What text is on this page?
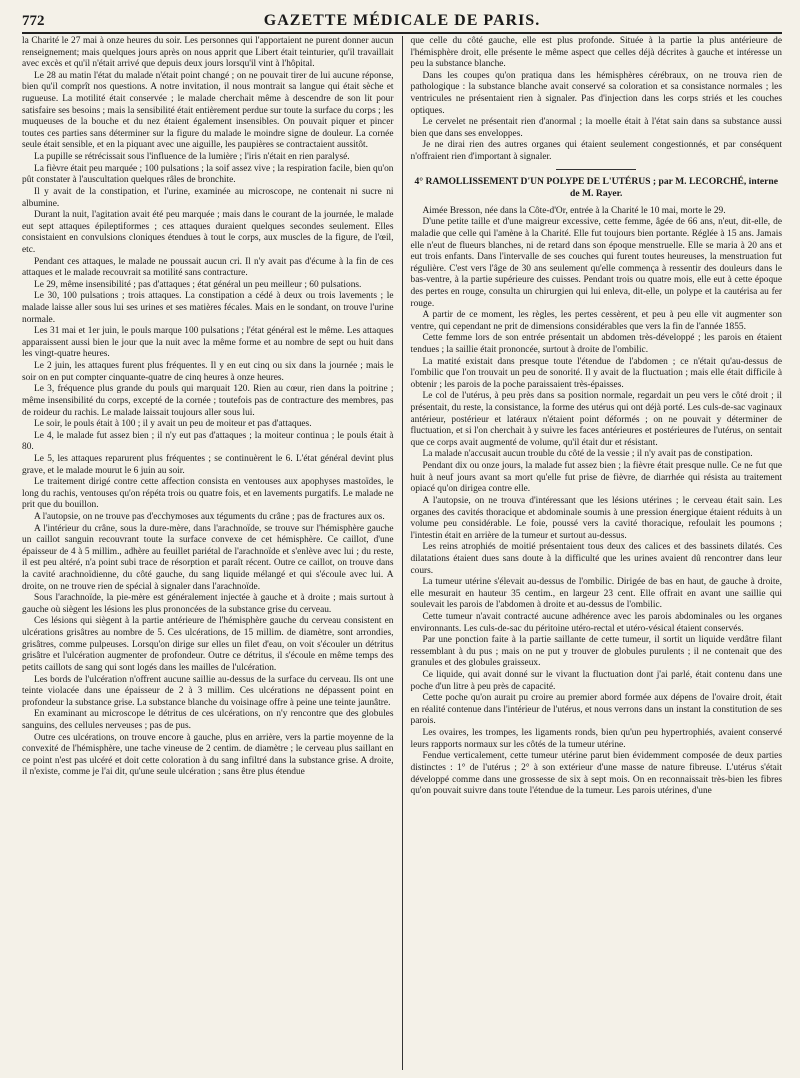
772	GAZETTE MÉDICALE DE PARIS.

la Charité le 27 mai à onze heures du soir. Les personnes qui l'apportaient ne purent donner aucun renseignement; mais quelques jours après on nous apprit que Libert était teinturier, qu'il travaillait avec excès et qu'il n'était arrivé que depuis deux jours lorsqu'il vint à l'hôpital.

Le 28 au matin l'état du malade n'était point changé ; on ne pouvait tirer de lui aucune réponse, bien qu'il comprît nos questions. A notre invitation, il nous montrait sa langue qui était sèche et rugueuse. La motilité était conservée ; le malade cherchait même à descendre de son lit pour satisfaire ses besoins ; mais la sensibilité était entièrement perdue sur toute la surface du corps ; les muqueuses de la bouche et du nez étaient également insensibles. On pouvait piquer et pincer toutes ces parties sans déterminer sur la figure du malade le moindre signe de douleur. La cornée seule était sensible, et en la piquant avec une aiguille, les paupières se contractaient aussitôt.

La pupille se rétrécissait sous l'influence de la lumière ; l'iris n'était en rien paralysé.

La fièvre était peu marquée ; 100 pulsations ; la soif assez vive ; la respiration facile, bien qu'on pût constater à l'auscultation quelques râles de bronchite.

Il y avait de la constipation, et l'urine, examinée au microscope, ne contenait ni sucre ni albumine.

Durant la nuit, l'agitation avait été peu marquée ; mais dans le courant de la journée, le malade eut sept attaques épileptiformes ; ces attaques duraient quelques secondes seulement. Elles consistaient en convulsions cloniques étendues à tout le corps, aux muscles de la figure, de l'œil, etc.

Pendant ces attaques, le malade ne poussait aucun cri. Il n'y avait pas d'écume à la fin de ces attaques et le malade recouvrait sa motilité sans contracture.

Le 29, même insensibilité ; pas d'attaques ; état général un peu meilleur ; 60 pulsations.

Le 30, 100 pulsations ; trois attaques. La constipation a cédé à deux ou trois lavements ; le malade laisse aller sous lui ses urines et ses matières fécales. Mais en le sondant, on trouve l'urine normale.

Les 31 mai et 1er juin, le pouls marque 100 pulsations ; l'état général est le même. Les attaques apparaissent aussi bien le jour que la nuit avec la même forme et au nombre de sept ou huit dans les vingt-quatre heures.

Le 2 juin, les attaques furent plus fréquentes. Il y en eut cinq ou six dans la journée ; mais le soir on en put compter cinquante-quatre de cinq heures à onze heures.

Le 3, fréquence plus grande du pouls qui marquait 120. Rien au cœur, rien dans la poitrine ; même insensibilité du corps, excepté de la cornée ; toutefois pas de contracture des membres, pas de roideur du rachis. Le malade laissait toujours aller sous lui.

Le soir, le pouls était à 100 ; il y avait un peu de moiteur et pas d'attaques.

Le 4, le malade fut assez bien ; il n'y eut pas d'attaques ; la moiteur continua ; le pouls était à 80.

Le 5, les attaques reparurent plus fréquentes ; se continuèrent le 6. L'état général devint plus grave, et le malade mourut le 6 juin au soir.

Le traitement dirigé contre cette affection consista en ventouses aux apophyses mastoïdes, le long du rachis, ventouses qu'on répéta trois ou quatre fois, et en lavements purgatifs. Le malade ne prit que du bouillon.

A l'autopsie, on ne trouve pas d'ecchymoses aux téguments du crâne ; pas de fractures aux os.

A l'intérieur du crâne, sous la dure-mère, dans l'arachnoïde, se trouve sur l'hémisphère gauche un caillot sanguin recouvrant toute la surface convexe de cet hémisphère. Ce caillot, d'une épaisseur de 4 à 5 millim., adhère au feuillet pariétal de l'arachnoïde et s'enlève avec lui ; du reste, il est peu altéré, n'a point subi trace de résorption et paraît récent. Outre ce caillot, on trouve dans la cavité arachnoïdienne, du côté gauche, du sang liquide mélangé et qui s'écoule avec lui. A droite, on ne trouve rien de spécial à signaler dans l'arachnoïde.

Sous l'arachnoïde, la pie-mère est généralement injectée à gauche et à droite ; mais surtout à gauche où siègent les lésions les plus prononcées de la substance grise du cerveau.

Ces lésions qui siègent à la partie antérieure de l'hémisphère gauche du cerveau consistent en ulcérations grisâtres au nombre de 5. Ces ulcérations, de 15 millim. de diamètre, sont arrondies, grisâtres, comme pulpeuses. Lorsqu'on dirige sur elles un filet d'eau, on voit s'écouler un détritus grisâtre et l'ulcération augmenter de profondeur. Outre ce détritus, il s'écoule en même temps des petits caillots de sang qui sont logés dans les mailles de l'ulcération.

Les bords de l'ulcération n'offrent aucune saillie au-dessus de la surface du cerveau. Ils ont une teinte violacée dans une épaisseur de 2 à 3 millim. Ces ulcérations ne dépassent point en profondeur la substance grise. La substance blanche du voisinage offre à peine une teinte jaunâtre.

En examinant au microscope le détritus de ces ulcérations, on n'y rencontre que des globules sanguins, des cellules nerveuses ; pas de pus.

Outre ces ulcérations, on trouve encore à gauche, plus en arrière, vers la partie moyenne de la convexité de l'hémisphère, une tache vineuse de 2 centim. de diamètre ; le cerveau plus saillant en ce point n'est pas ulcéré et doit cette coloration à du sang infiltré dans la substance grise. A droite, il n'existe, comme je l'ai dit, qu'une seule ulcération ; sans être plus étendue

que celle du côté gauche, elle est plus profonde. Située à la partie la plus antérieure de l'hémisphère droit, elle présente le même aspect que celles déjà décrites à gauche et intéresse un peu la substance blanche.

Dans les coupes qu'on pratiqua dans les hémisphères cérébraux, on ne trouva rien de pathologique : la substance blanche avait conservé sa coloration et sa consistance normales ; les ventricules ne présentaient rien à signaler. Pas d'injection dans les corps striés et les couches optiques.

Le cervelet ne présentait rien d'anormal ; la moelle était à l'état sain dans sa substance aussi bien que dans ses enveloppes.

Je ne dirai rien des autres organes qui étaient seulement congestionnés, et par conséquent n'offraient rien d'important à signaler.

4° RAMOLLISSEMENT D'UN POLYPE DE L'UTÉRUS ; par M. LECORCHÉ, interne
de M. Rayer.

Aimée Bresson, née dans la Côte-d'Or, entrée à la Charité le 10 mai, morte le 29.

D'une petite taille et d'une maigreur excessive, cette femme, âgée de 66 ans, n'eut, dit-elle, de maladie que celle qui l'amène à la Charité. Elle fut toujours bien portante. Réglée à 15 ans. Jamais elle n'eut de flueurs blanches, ni de retard dans son époque menstruelle. Elle se maria à 20 ans et eut trois enfants. Dans l'intervalle de ses couches qui furent toutes heureuses, la menstruation fut régulière. C'est vers l'âge de 30 ans seulement qu'elle commença à ressentir des douleurs dans le bas-ventre, à la partie supérieure des cuisses. Pendant trois ou quatre mois, elle eut à cette époque des pertes en rouge, consulta un chirurgien qui lui enleva, dit-elle, un polype et la cautérisa au fer rouge.

A partir de ce moment, les règles, les pertes cessèrent, et peu à peu elle vit augmenter son ventre, qui cependant ne prit de dimensions considérables que vers la fin de l'année 1855.

Cette femme lors de son entrée présentait un abdomen très-développé ; les parois en étaient tendues ; la saillie était prononcée, surtout à droite de l'ombilic.

La matité existait dans presque toute l'étendue de l'abdomen ; ce n'était qu'au-dessus de l'ombilic que l'on trouvait un peu de sonorité. Il y avait de la fluctuation ; mais elle était difficile à obtenir ; les parois de la poche paraissaient très-épaisses.

Le col de l'utérus, à peu près dans sa position normale, regardait un peu vers le côté droit ; il présentait, du reste, la consistance, la forme des utérus qui ont déjà porté. Les culs-de-sac vaginaux antérieur, postérieur et latéraux n'étaient point déformés ; on ne pouvait y déterminer de fluctuation, et si l'on cherchait à y suivre les faces antérieures et postérieures de l'utérus, on sentait que ce corps avait augmenté de volume, qu'il était dur et résistant.

La malade n'accusait aucun trouble du côté de la vessie ; il n'y avait pas de constipation.

Pendant dix ou onze jours, la malade fut assez bien ; la fièvre était presque nulle. Ce ne fut que huit à neuf jours avant sa mort qu'elle fut prise de fièvre, de diarrhée qui résista au traitement opiacé qu'on dirigea contre elle.

A l'autopsie, on ne trouva d'intéressant que les lésions utérines ; le cerveau était sain. Les organes des cavités thoracique et abdominale soumis à une pression énergique étaient réduits à un volume peu considérable. Le foie, poussé vers la cavité thoracique, refoulait les poumons ; l'intestin était en arrière de la tumeur et surtout au-dessus.

Les reins atrophiés de moitié présentaient tous deux des calices et des bassinets dilatés. Ces dilatations étaient dues sans doute à la difficulté que les urines avaient dû rencontrer dans leur cours.

La tumeur utérine s'élevait au-dessus de l'ombilic. Dirigée de bas en haut, de gauche à droite, elle mesurait en hauteur 35 centim., en largeur 23 cent. Elle offrait en avant une saillie qui soulevait les parois de l'abdomen à droite et au-dessus de l'ombilic.

Cette tumeur n'avait contracté aucune adhérence avec les parois abdominales ou les organes environnants. Les culs-de-sac du péritoine utéro-rectal et utéro-vésical étaient conservés.

Par une ponction faite à la partie saillante de cette tumeur, il sortit un liquide verdâtre filant ressemblant à du pus ; mais on ne put y trouver de globules purulents ; il ne contenait que des granules et des globules graisseux.

Ce liquide, qui avait donné sur le vivant la fluctuation dont j'ai parlé, était contenu dans une poche d'un litre à peu près de capacité.

Cette poche qu'on aurait pu croire au premier abord formée aux dépens de l'ovaire droit, était en réalité contenue dans l'intérieur de l'utérus, et nous verrons dans un instant la constitution de ses parois.

Les ovaires, les trompes, les ligaments ronds, bien qu'un peu hypertrophiés, avaient conservé leurs rapports normaux sur les côtés de la tumeur utérine.

Fendue verticalement, cette tumeur utérine parut bien évidemment composée de deux parties distinctes : 1° de l'utérus ; 2° à son extérieur d'une masse de nature fibreuse. L'utérus s'était développé comme dans une grossesse de six à sept mois. On en reconnaissait très-bien les fibres qu'on pouvait suivre dans toute l'étendue de la tumeur. Les parois utérines, d'une
